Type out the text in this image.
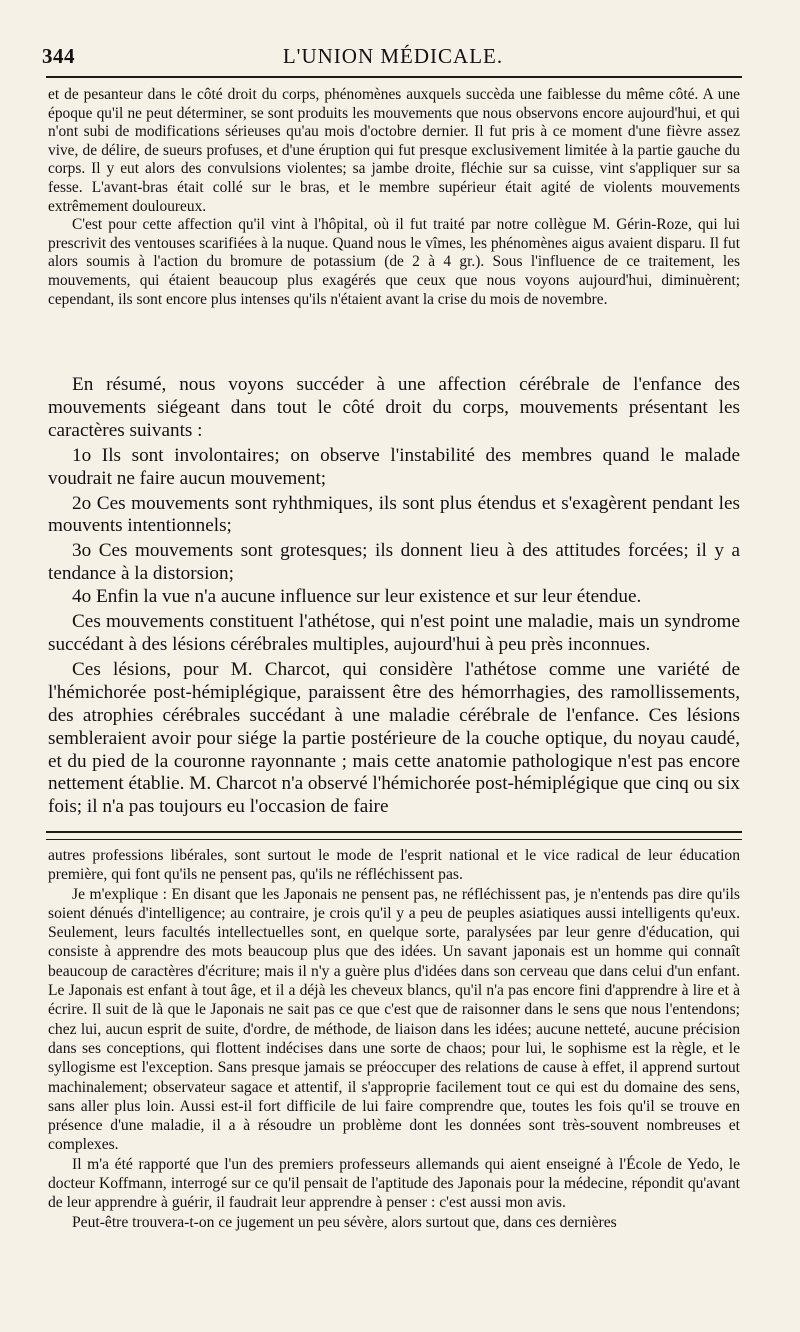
344	L'UNION MÉDICALE.

et de pesanteur dans le côté droit du corps, phénomènes auxquels succèda une faiblesse du même côté. A une époque qu'il ne peut déterminer, se sont produits les mouvements que nous observons encore aujourd'hui, et qui n'ont subi de modifications sérieuses qu'au mois d'octobre dernier. Il fut pris à ce moment d'une fièvre assez vive, de délire, de sueurs profuses, et d'une éruption qui fut presque exclusivement limitée à la partie gauche du corps. Il y eut alors des convulsions violentes; sa jambe droite, fléchie sur sa cuisse, vint s'appliquer sur sa fesse. L'avant-bras était collé sur le bras, et le membre supérieur était agité de violents mouvements extrêmement douloureux.

C'est pour cette affection qu'il vint à l'hôpital, où il fut traité par notre collègue M. Gérin-Roze, qui lui prescrivit des ventouses scarifiées à la nuque. Quand nous le vîmes, les phénomènes aigus avaient disparu. Il fut alors soumis à l'action du bromure de potassium (de 2 à 4 gr.). Sous l'influence de ce traitement, les mouvements, qui étaient beaucoup plus exagérés que ceux que nous voyons aujourd'hui, diminuèrent; cependant, ils sont encore plus intenses qu'ils n'étaient avant la crise du mois de novembre.

En résumé, nous voyons succéder à une affection cérébrale de l'enfance des mouvements siégeant dans tout le côté droit du corps, mouvements présentant les caractères suivants :

1o Ils sont involontaires; on observe l'instabilité des membres quand le malade voudrait ne faire aucun mouvement;

2o Ces mouvements sont ryhthmiques, ils sont plus étendus et s'exagèrent pendant les mouvents intentionnels;

3o Ces mouvements sont grotesques; ils donnent lieu à des attitudes forcées; il y a tendance à la distorsion;

4o Enfin la vue n'a aucune influence sur leur existence et sur leur étendue.

Ces mouvements constituent l'athétose, qui n'est point une maladie, mais un syndrome succédant à des lésions cérébrales multiples, aujourd'hui à peu près inconnues.

Ces lésions, pour M. Charcot, qui considère l'athétose comme une variété de l'hémichorée post-hémiplégique, paraissent être des hémorrhagies, des ramollissements, des atrophies cérébrales succédant à une maladie cérébrale de l'enfance. Ces lésions sembleraient avoir pour siége la partie postérieure de la couche optique, du noyau caudé, et du pied de la couronne rayonnante ; mais cette anatomie pathologique n'est pas encore nettement établie. M. Charcot n'a observé l'hémichorée post-hémiplégique que cinq ou six fois; il n'a pas toujours eu l'occasion de faire

autres professions libérales, sont surtout le mode de l'esprit national et le vice radical de leur éducation première, qui font qu'ils ne pensent pas, qu'ils ne réfléchissent pas.

Je m'explique : En disant que les Japonais ne pensent pas, ne réfléchissent pas, je n'entends pas dire qu'ils soient dénués d'intelligence; au contraire, je crois qu'il y a peu de peuples asiatiques aussi intelligents qu'eux. Seulement, leurs facultés intellectuelles sont, en quelque sorte, paralysées par leur genre d'éducation, qui consiste à apprendre des mots beaucoup plus que des idées. Un savant japonais est un homme qui connaît beaucoup de caractères d'écriture; mais il n'y a guère plus d'idées dans son cerveau que dans celui d'un enfant. Le Japonais est enfant à tout âge, et il a déjà les cheveux blancs, qu'il n'a pas encore fini d'apprendre à lire et à écrire. Il suit de là que le Japonais ne sait pas ce que c'est que de raisonner dans le sens que nous l'entendons; chez lui, aucun esprit de suite, d'ordre, de méthode, de liaison dans les idées; aucune netteté, aucune précision dans ses conceptions, qui flottent indécises dans une sorte de chaos; pour lui, le sophisme est la règle, et le syllogisme est l'exception. Sans presque jamais se préoccuper des relations de cause à effet, il apprend surtout machinalement; observateur sagace et attentif, il s'approprie facilement tout ce qui est du domaine des sens, sans aller plus loin. Aussi est-il fort difficile de lui faire comprendre que, toutes les fois qu'il se trouve en présence d'une maladie, il a à résoudre un problème dont les données sont très-souvent nombreuses et complexes.

Il m'a été rapporté que l'un des premiers professeurs allemands qui aient enseigné à l'École de Yedo, le docteur Koffmann, interrogé sur ce qu'il pensait de l'aptitude des Japonais pour la médecine, répondit qu'avant de leur apprendre à guérir, il faudrait leur apprendre à penser : c'est aussi mon avis.

Peut-être trouvera-t-on ce jugement un peu sévère, alors surtout que, dans ces dernières
